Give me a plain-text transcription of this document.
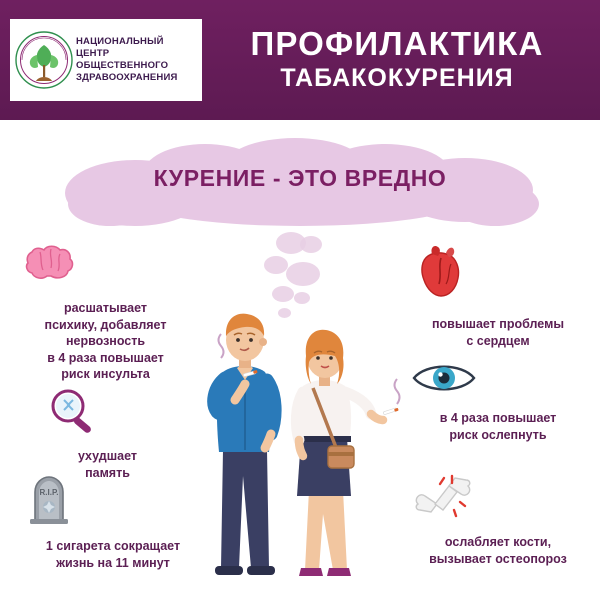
НАЦИОНАЛЬНЫЙ ЦЕНТР
ОБЩЕСТВЕННОГО
ЗДРАВООХРАНЕНИЯ
ПРОФИЛАКТИКА
ТАБАКОКУРЕНИЯ
КУРЕНИЕ - ЭТО ВРЕДНО
расшатывает
психику, добавляет
нервозность
в 4 раза повышает
риск инсульта
ухудшает
память
R.I.P.
1 сигарета сокращает
жизнь на 11 минут
повышает проблемы
с сердцем
в 4 раза повышает
риск ослепнуть
ослабляет кости,
вызывает остеопороз
